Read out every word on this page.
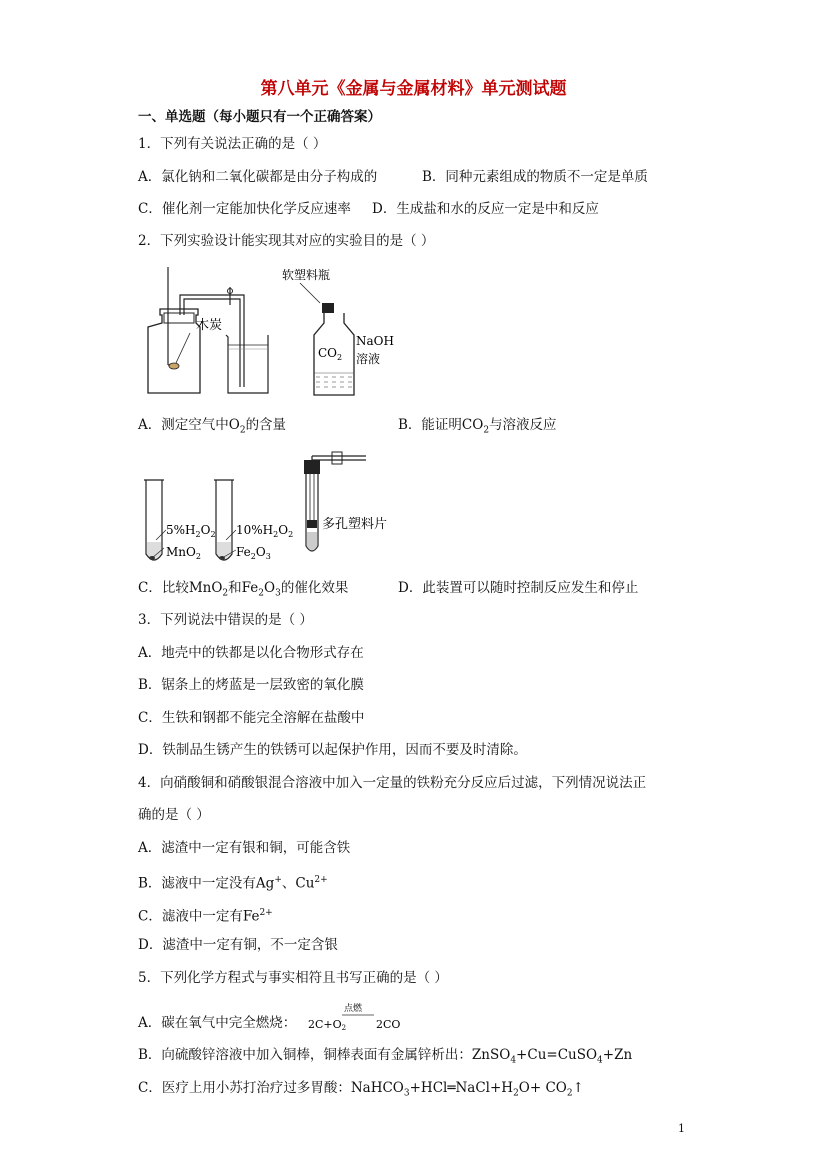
第八单元《金属与金属材料》单元测试题
一、单选题（每小题只有一个正确答案）
1．下列有关说法正确的是（ ）
A．氯化钠和二氧化碳都是由分子构成的	B．同种元素组成的物质不一定是单质
C．催化剂一定能加快化学反应速率 D．生成盐和水的反应一定是中和反应
2．下列实验设计能实现其对应的实验目的是（ ）
木炭
软塑料瓶
$CO_2$
NaOH
溶液
A．测定空气中$O_2$的含量	B．能证明$CO_2$与溶液反应
$5\%H_2O_2$
MnO$_2$
$10\%H_2O_2$
$Fe_2O_3$
多孔塑料片
C．比较MnO$_2$和$Fe_2O_3$的催化效果	D．此装置可以随时控制反应发生和停止
3．下列说法中错误的是（ ）
A．地壳中的铁都是以化合物形式存在
B．锯条上的烤蓝是一层致密的氧化膜
C．生铁和钢都不能完全溶解在盐酸中
D．铁制品生锈产生的铁锈可以起保护作用，因而不要及时清除。
4．向硝酸铜和硝酸银混合溶液中加入一定量的铁粉充分反应后过滤，下列情况说法正
确的是（ ）
A．滤渣中一定有银和铜，可能含铁
B．滤液中一定没有Ag+、$Cu^{2+}$
C．滤液中一定有$Fe^{2+}$
D．滤渣中一定有铜，不一定含银
5．下列化学方程式与事实相符且书写正确的是（ ）
A．碳在氧气中完全燃烧： 2C+O2
点燃
2CO
B．向硫酸锌溶液中加入铜棒，铜棒表面有金属锌析出：ZnSO$_4$+Cu=CuSO$_4$+Zn
C．医疗上用小苏打治疗过多胃酸：$NaHCO_3+HCl═NaCl+H_2O+$ $CO_2↑$
1
